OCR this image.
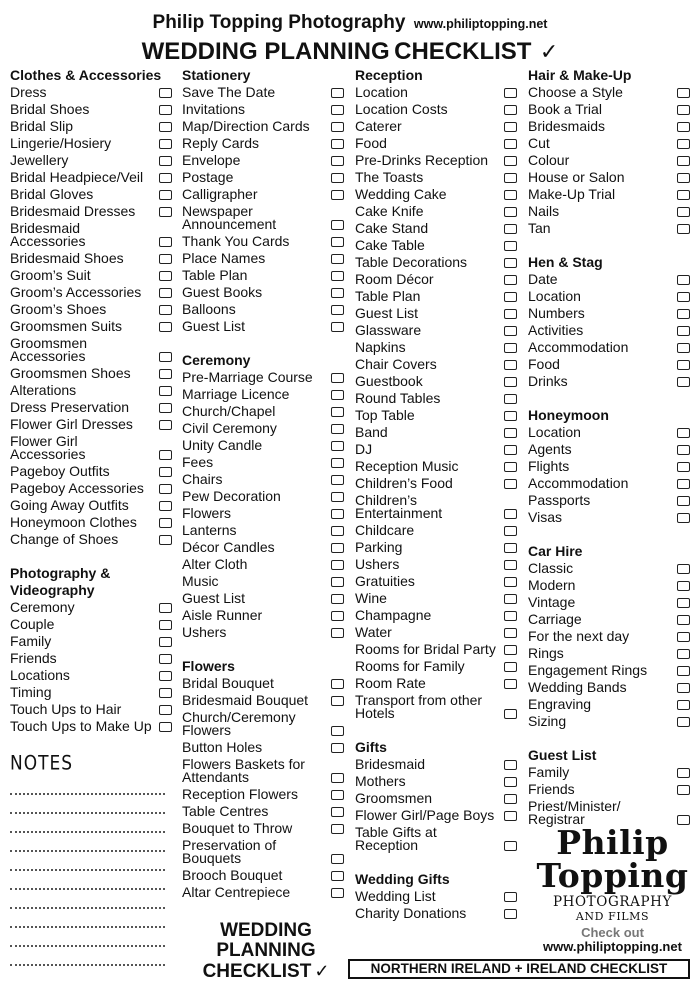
Philip Topping Photography www.philiptopping.net
WEDDING PLANNING CHECKLIST ✓
Clothes & Accessories
Dress
Bridal Shoes
Bridal Slip
Lingerie/Hosiery
Jewellery
Bridal Headpiece/Veil
Bridal Gloves
Bridesmaid Dresses
Bridesmaid Accessories
Bridesmaid Shoes
Groom’s Suit
Groom’s Accessories
Groom’s Shoes
Groomsmen Suits
Groomsmen Accessories
Groomsmen Shoes
Alterations
Dress Preservation
Flower Girl Dresses
Flower Girl Accessories
Pageboy Outfits
Pageboy Accessories
Going Away Outfits
Honeymoon Clothes
Change of Shoes
Photography & Videography
Ceremony
Couple
Family
Friends
Locations
Timing
Touch Ups to Hair
Touch Ups to Make Up
NOTES
Stationery
Save The Date
Invitations
Map/Direction Cards
Reply Cards
Envelope
Postage
Calligrapher
Newspaper Announcement
Thank You Cards
Place Names
Table Plan
Guest Books
Balloons
Guest List
Ceremony
Pre-Marriage Course
Marriage Licence
Church/Chapel
Civil Ceremony
Unity Candle
Fees
Chairs
Pew Decoration
Flowers
Lanterns
Décor Candles
Alter Cloth
Music
Guest List
Aisle Runner
Ushers
Flowers
Bridal Bouquet
Bridesmaid Bouquet
Church/Ceremony Flowers
Button Holes
Flowers Baskets for Attendants
Reception Flowers
Table Centres
Bouquet to Throw
Preservation of Bouquets
Brooch Bouquet
Altar Centrepiece
Reception
Location
Location Costs
Caterer
Food
Pre-Drinks Reception
The Toasts
Wedding Cake
Cake Knife
Cake Stand
Cake Table
Table Decorations
Room Décor
Table Plan
Guest List
Glassware
Napkins
Chair Covers
Guestbook
Round Tables
Top Table
Band
DJ
Reception Music
Children’s Food
Children’s Entertainment
Childcare
Parking
Ushers
Gratuities
Wine
Champagne
Water
Rooms for Bridal Party
Rooms for Family
Room Rate
Transport from other Hotels
Gifts
Bridesmaid
Mothers
Groomsmen
Flower Girl/Page Boys
Table Gifts at Reception
Wedding Gifts
Wedding List
Charity Donations
Hair & Make-Up
Choose a Style
Book a Trial
Bridesmaids
Cut
Colour
House or Salon
Make-Up Trial
Nails
Tan
Hen & Stag
Date
Location
Numbers
Activities
Accommodation
Food
Drinks
Honeymoon
Location
Agents
Flights
Accommodation
Passports
Visas
Car Hire
Classic
Modern
Vintage
Carriage
For the next day
Rings
Engagement Rings
Wedding Bands
Engraving
Sizing
Guest List
Family
Friends
Priest/Minister/ Registrar
Philip
Topping
PHOTOGRAPHY
AND FILMS
Check out
www.philiptopping.net
WEDDING
PLANNING
CHECKLIST ✓	NORTHERN IRELAND + IRELAND CHECKLIST
